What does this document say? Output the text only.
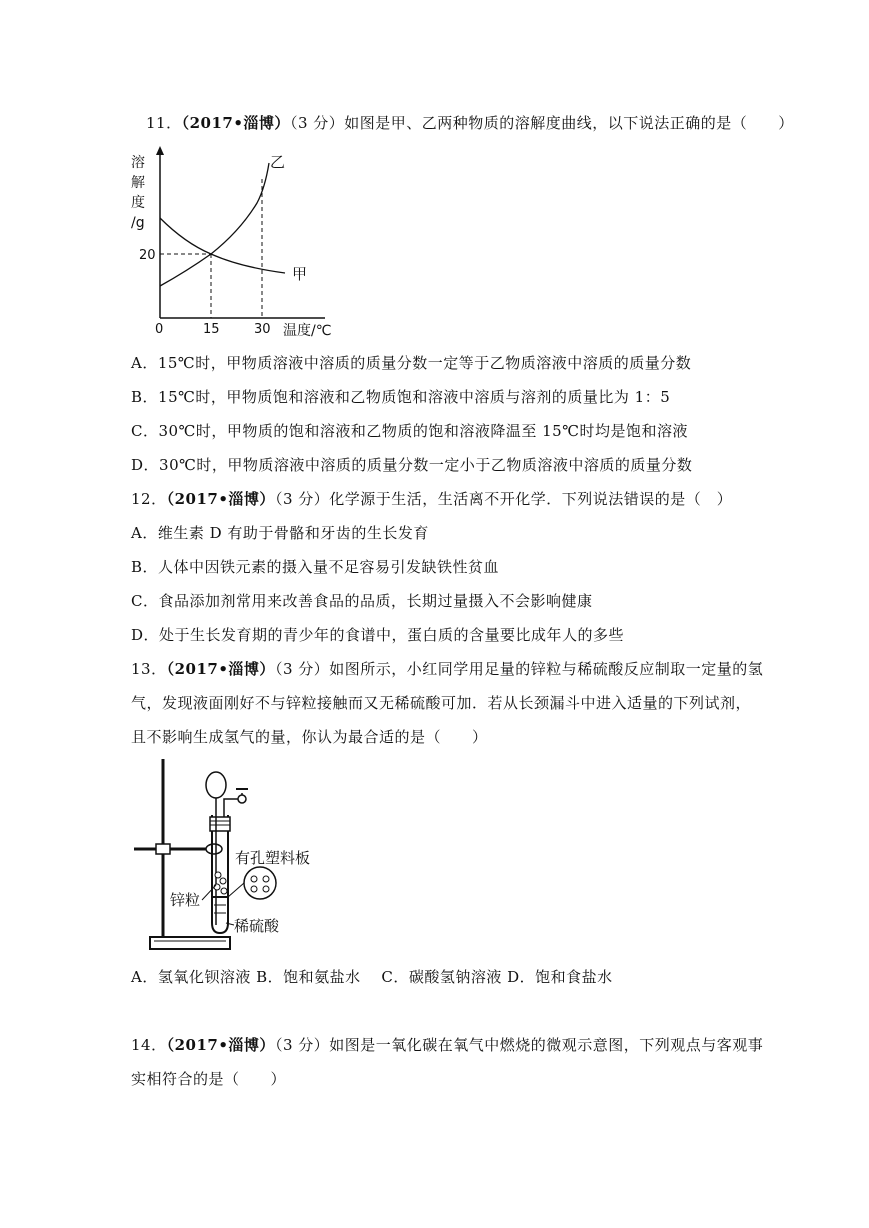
11．（2017•淄博）（3 分）如图是甲、乙两种物质的溶解度曲线，以下说法正确的是（　　）
溶
解
度
/g
20
0	15	30 温度/℃
甲
乙
A．15℃时，甲物质溶液中溶质的质量分数一定等于乙物质溶液中溶质的质量分数
B．15℃时，甲物质饱和溶液和乙物质饱和溶液中溶质与溶剂的质量比为 1：5
C．30℃时，甲物质的饱和溶液和乙物质的饱和溶液降温至 15℃时均是饱和溶液
D．30℃时，甲物质溶液中溶质的质量分数一定小于乙物质溶液中溶质的质量分数
12．（2017•淄博）（3 分）化学源于生活，生活离不开化学．下列说法错误的是（　）
A．维生素 D 有助于骨骼和牙齿的生长发育
B．人体中因铁元素的摄入量不足容易引发缺铁性贫血
C．食品添加剂常用来改善食品的品质，长期过量摄入不会影响健康
D．处于生长发育期的青少年的食谱中，蛋白质的含量要比成年人的多些
13．（2017•淄博）（3 分）如图所示，小红同学用足量的锌粒与稀硫酸反应制取一定量的氢
气，发现液面刚好不与锌粒接触而又无稀硫酸可加．若从长颈漏斗中进入适量的下列试剂，
且不影响生成氢气的量，你认为最合适的是（　　）
有孔塑料板
锌粒
稀硫酸
A．氢氧化钡溶液 B．饱和氨盐水　 C．碳酸氢钠溶液 D．饱和食盐水
14．（2017•淄博）（3 分）如图是一氧化碳在氧气中燃烧的微观示意图，下列观点与客观事
实相符合的是（　　）
